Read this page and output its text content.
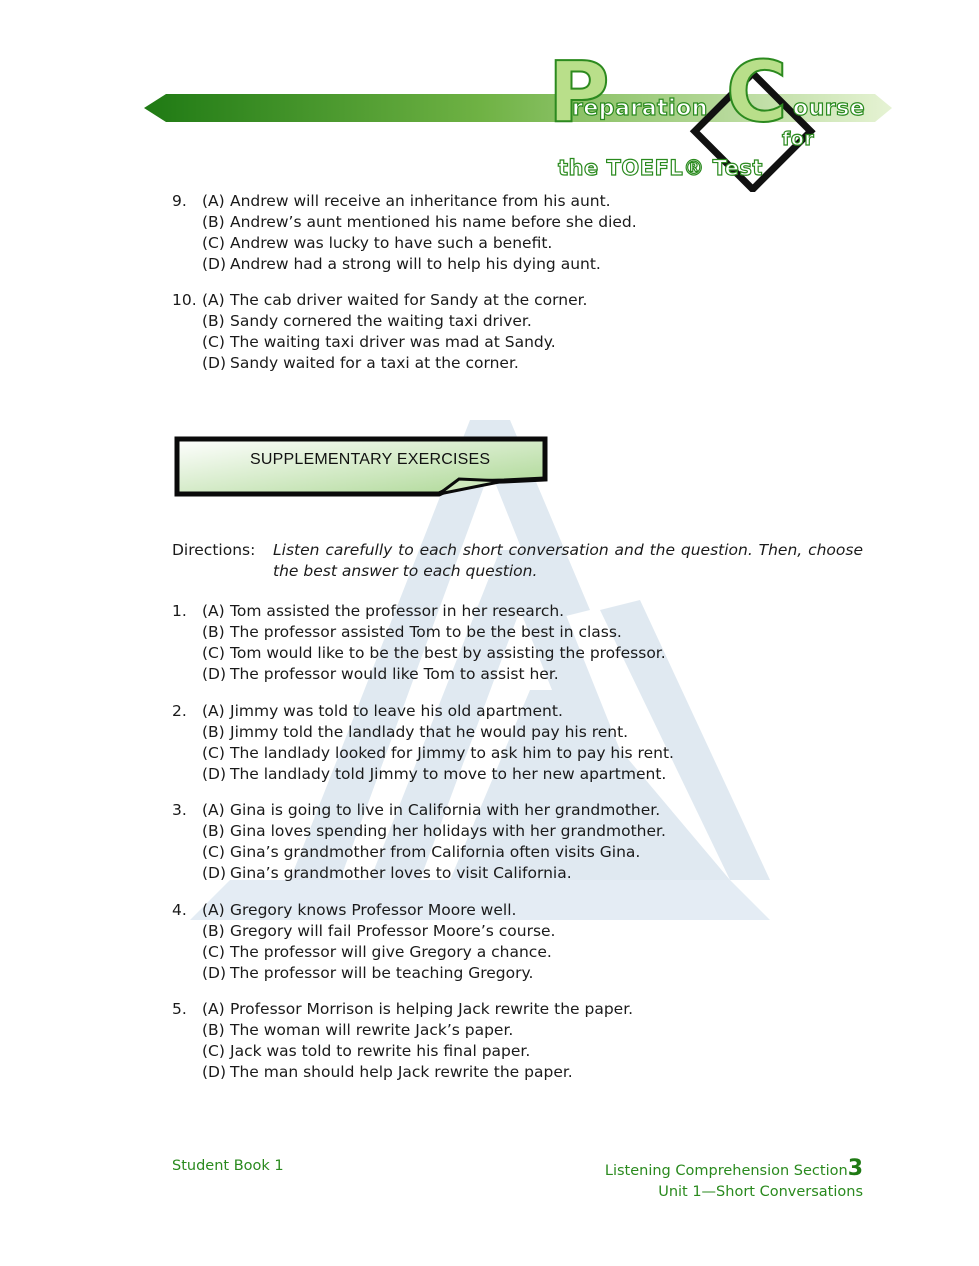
P
reparation C ourse
for
the TOEFL® Test
9. (A) Andrew will receive an inheritance from his aunt.
(B) Andrew’s aunt mentioned his name before she died.
(C) Andrew was lucky to have such a benefit.
(D) Andrew had a strong will to help his dying aunt.
10. (A) The cab driver waited for Sandy at the corner.
(B) Sandy cornered the waiting taxi driver.
(C) The waiting taxi driver was mad at Sandy.
(D) Sandy waited for a taxi at the corner.
SUPPLEMENTARY EXERCISES
Directions: Listen carefully to each short conversation and the question. Then, choose the best answer to each question.
1. (A) Tom assisted the professor in her research.
(B) The professor assisted Tom to be the best in class.
(C) Tom would like to be the best by assisting the professor.
(D) The professor would like Tom to assist her.
2. (A) Jimmy was told to leave his old apartment.
(B) Jimmy told the landlady that he would pay his rent.
(C) The landlady looked for Jimmy to ask him to pay his rent.
(D) The landlady told Jimmy to move to her new apartment.
3. (A) Gina is going to live in California with her grandmother.
(B) Gina loves spending her holidays with her grandmother.
(C) Gina’s grandmother from California often visits Gina.
(D) Gina’s grandmother loves to visit California.
4. (A) Gregory knows Professor Moore well.
(B) Gregory will fail Professor Moore’s course.
(C) The professor will give Gregory a chance.
(D) The professor will be teaching Gregory.
5. (A) Professor Morrison is helping Jack rewrite the paper.
(B) The woman will rewrite Jack’s paper.
(C) Jack was told to rewrite his final paper.
(D) The man should help Jack rewrite the paper.
Student Book 1	Listening Comprehension Section3
Unit 1—Short Conversations
